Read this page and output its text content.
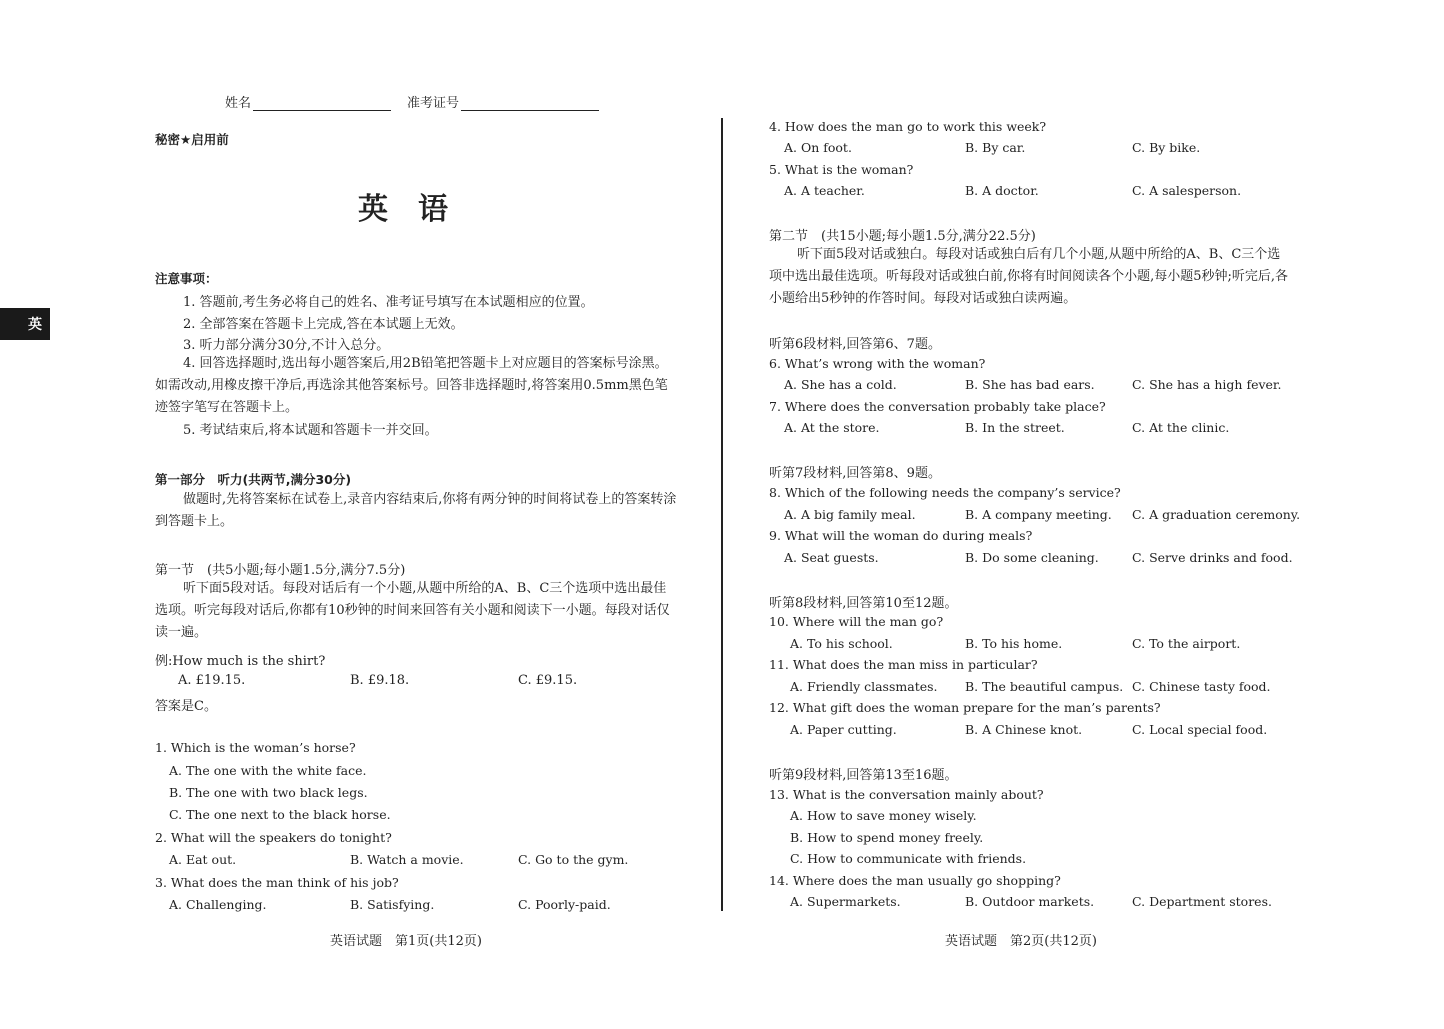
姓名	准考证号
秘密★启用前
英　语
英
注意事项：
1. 答题前,考生务必将自己的姓名、准考证号填写在本试题相应的位置。
2. 全部答案在答题卡上完成,答在本试题上无效。
3. 听力部分满分30分,不计入总分。
4. 回答选择题时,选出每小题答案后,用2B铅笔把答题卡上对应题目的答案标号涂黑。如需改动,用橡皮擦干净后,再选涂其他答案标号。回答非选择题时,将答案用0.5mm黑色笔迹签字笔写在答题卡上。
5. 考试结束后,将本试题和答题卡一并交回。
第一部分　听力(共两节,满分30分)
做题时,先将答案标在试卷上,录音内容结束后,你将有两分钟的时间将试卷上的答案转涂到答题卡上。
第一节　(共5小题;每小题1.5分,满分7.5分)
听下面5段对话。每段对话后有一个小题,从题中所给的A、B、C三个选项中选出最佳选项。听完每段对话后,你都有10秒钟的时间来回答有关小题和阅读下一小题。每段对话仅读一遍。
例:How much is the shirt?
A. £19.15.	B. £9.18.	C. £9.15.
答案是C。
1. Which is the woman’s horse?
A. The one with the white face.
B. The one with two black legs.
C. The one next to the black horse.
2. What will the speakers do tonight?
A. Eat out.	B. Watch a movie.	C. Go to the gym.
3. What does the man think of his job?
A. Challenging.	B. Satisfying.	C. Poorly-paid.
4. How does the man go to work this week?
A. On foot.	B. By car.	C. By bike.
5. What is the woman?
A. A teacher.	B. A doctor.	C. A salesperson.
第二节　(共15小题;每小题1.5分,满分22.5分)
听下面5段对话或独白。每段对话或独白后有几个小题,从题中所给的A、B、C三个选项中选出最佳选项。听每段对话或独白前,你将有时间阅读各个小题,每小题5秒钟;听完后,各小题给出5秒钟的作答时间。每段对话或独白读两遍。
听第6段材料,回答第6、7题。
6. What’s wrong with the woman?
A. She has a cold.	B. She has bad ears.	C. She has a high fever.
7. Where does the conversation probably take place?
A. At the store.	B. In the street.	C. At the clinic.
听第7段材料,回答第8、9题。
8. Which of the following needs the company’s service?
A. A big family meal.	B. A company meeting. C. A graduation ceremony.
9. What will the woman do during meals?
A. Seat guests.	B. Do some cleaning.	C. Serve drinks and food.
听第8段材料,回答第10至12题。
10. Where will the man go?
A. To his school.	B. To his home.	C. To the airport.
11. What does the man miss in particular?
A. Friendly classmates. B. The beautiful campus. C. Chinese tasty food.
12. What gift does the woman prepare for the man’s parents?
A. Paper cutting.	B. A Chinese knot.	C. Local special food.
听第9段材料,回答第13至16题。
13. What is the conversation mainly about?
A. How to save money wisely.
B. How to spend money freely.
C. How to communicate with friends.
14. Where does the man usually go shopping?
A. Supermarkets.	B. Outdoor markets.	C. Department stores.
英语试题　第1页(共12页)	英语试题　第2页(共12页)
